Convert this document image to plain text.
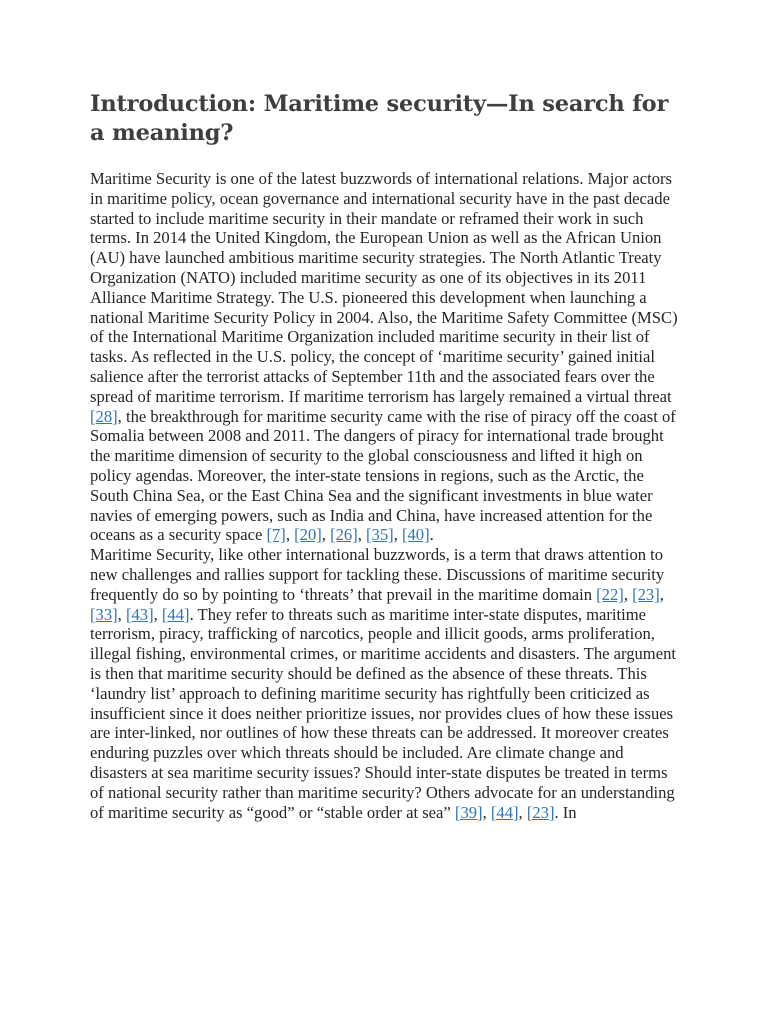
Introduction: Maritime security—In search for a meaning?

Maritime Security is one of the latest buzzwords of international relations. Major actors in maritime policy, ocean governance and international security have in the past decade started to include maritime security in their mandate or reframed their work in such terms. In 2014 the United Kingdom, the European Union as well as the African Union (AU) have launched ambitious maritime security strategies. The North Atlantic Treaty Organization (NATO) included maritime security as one of its objectives in its 2011 Alliance Maritime Strategy. The U.S. pioneered this development when launching a national Maritime Security Policy in 2004. Also, the Maritime Safety Committee (MSC) of the International Maritime Organization included maritime security in their list of tasks. As reflected in the U.S. policy, the concept of ‘maritime security’ gained initial salience after the terrorist attacks of September 11th and the associated fears over the spread of maritime terrorism. If maritime terrorism has largely remained a virtual threat [28], the breakthrough for maritime security came with the rise of piracy off the coast of Somalia between 2008 and 2011. The dangers of piracy for international trade brought the maritime dimension of security to the global consciousness and lifted it high on policy agendas. Moreover, the inter-state tensions in regions, such as the Arctic, the South China Sea, or the East China Sea and the significant investments in blue water navies of emerging powers, such as India and China, have increased attention for the oceans as a security space [7], [20], [26], [35], [40].

Maritime Security, like other international buzzwords, is a term that draws attention to new challenges and rallies support for tackling these. Discussions of maritime security frequently do so by pointing to ‘threats’ that prevail in the maritime domain [22], [23], [33], [43], [44]. They refer to threats such as maritime inter-state disputes, maritime terrorism, piracy, trafficking of narcotics, people and illicit goods, arms proliferation, illegal fishing, environmental crimes, or maritime accidents and disasters. The argument is then that maritime security should be defined as the absence of these threats. This ‘laundry list’ approach to defining maritime security has rightfully been criticized as insufficient since it does neither prioritize issues, nor provides clues of how these issues are inter-linked, nor outlines of how these threats can be addressed. It moreover creates enduring puzzles over which threats should be included. Are climate change and disasters at sea maritime security issues? Should inter-state disputes be treated in terms of national security rather than maritime security? Others advocate for an understanding of maritime security as “good” or “stable order at sea” [39], [44], [23]. In
